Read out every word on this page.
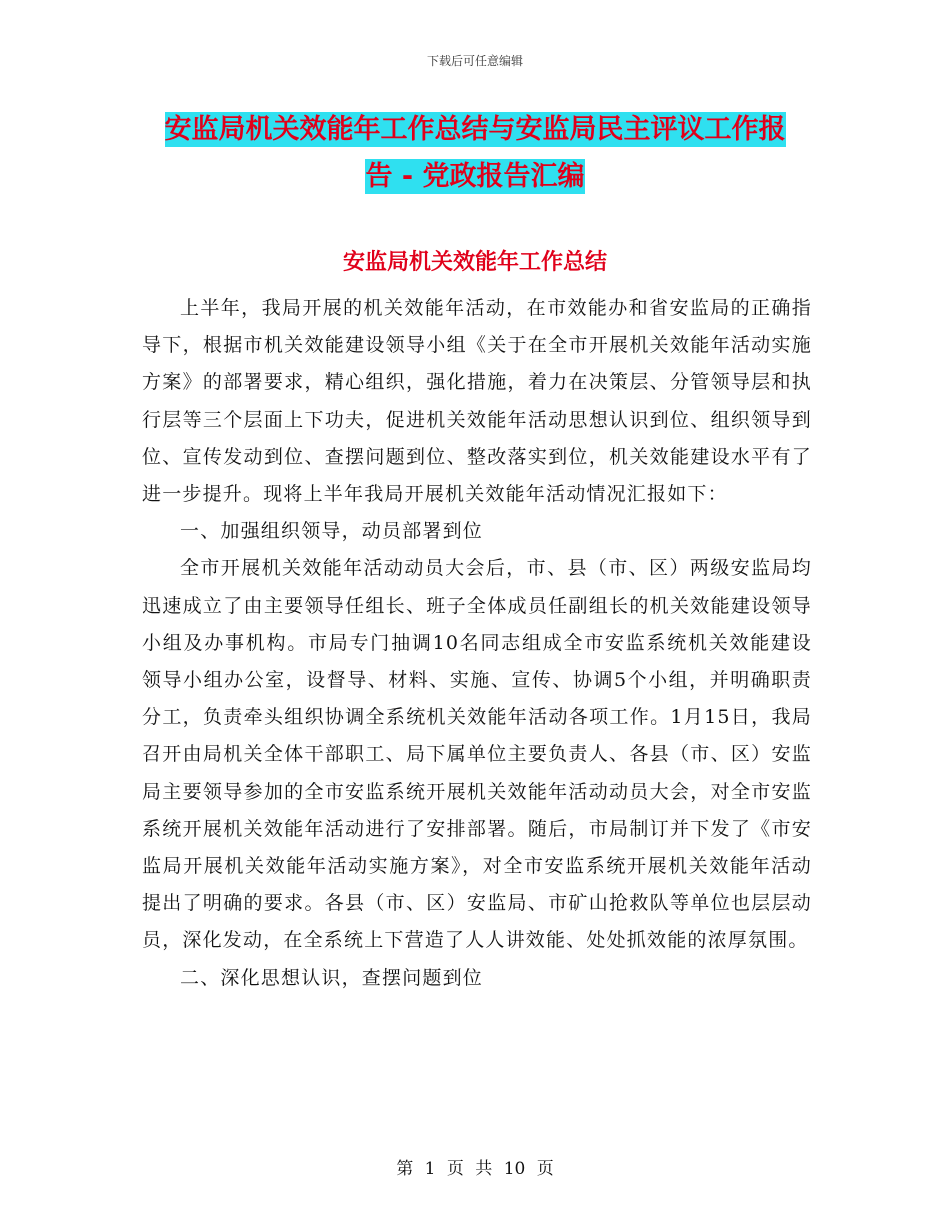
下载后可任意编辑
安监局机关效能年工作总结与安监局民主评议工作报
告 - 党政报告汇编
安监局机关效能年工作总结

上半年，我局开展的机关效能年活动，在市效能办和省安监局的正确指导下，根据市机关效能建设领导小组《关于在全市开展机关效能年活动实施方案》的部署要求，精心组织，强化措施，着力在决策层、分管领导层和执行层等三个层面上下功夫，促进机关效能年活动思想认识到位、组织领导到位、宣传发动到位、查摆问题到位、整改落实到位，机关效能建设水平有了进一步提升。现将上半年我局开展机关效能年活动情况汇报如下：

一、加强组织领导，动员部署到位

全市开展机关效能年活动动员大会后，市、县（市、区）两级安监局均迅速成立了由主要领导任组长、班子全体成员任副组长的机关效能建设领导小组及办事机构。市局专门抽调10名同志组成全市安监系统机关效能建设领导小组办公室，设督导、材料、实施、宣传、协调5个小组，并明确职责分工，负责牵头组织协调全系统机关效能年活动各项工作。1月15日，我局召开由局机关全体干部职工、局下属单位主要负责人、各县（市、区）安监局主要领导参加的全市安监系统开展机关效能年活动动员大会，对全市安监系统开展机关效能年活动进行了安排部署。随后，市局制订并下发了《市安监局开展机关效能年活动实施方案》，对全市安监系统开展机关效能年活动提出了明确的要求。各县（市、区）安监局、市矿山抢救队等单位也层层动员，深化发动，在全系统上下营造了人人讲效能、处处抓效能的浓厚氛围。

二、深化思想认识，查摆问题到位

第 1 页 共 10 页
